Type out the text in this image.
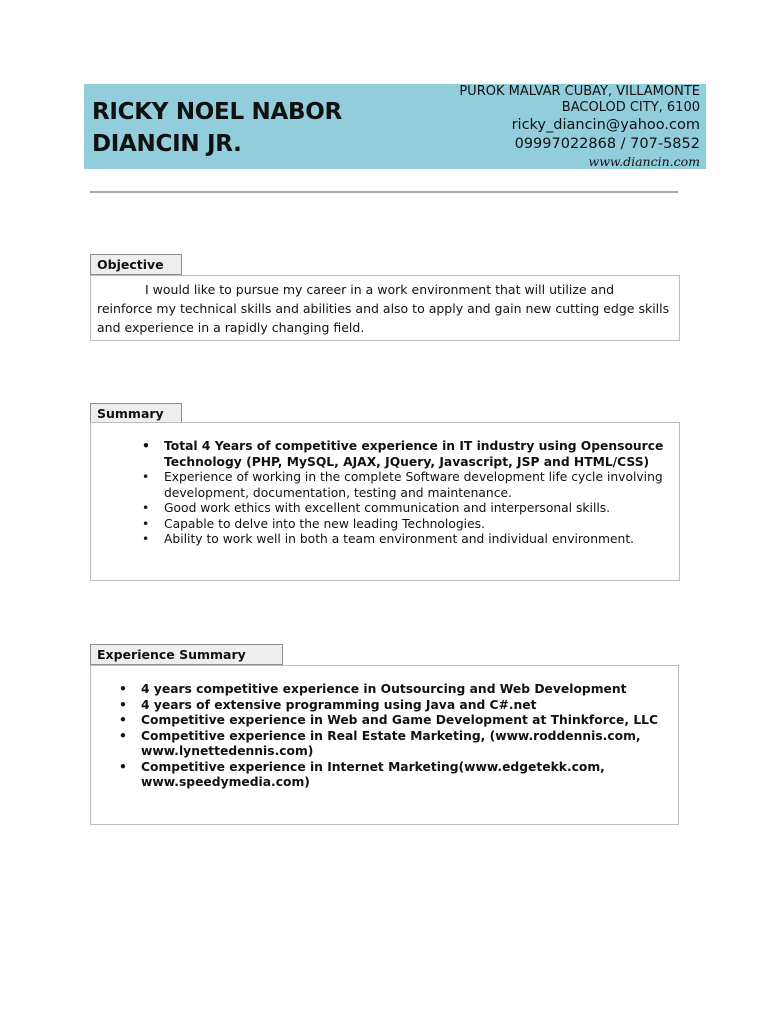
RICKY NOEL NABOR
DIANCIN JR.
PUROK MALVAR CUBAY, VILLAMONTE
BACOLOD CITY, 6100
ricky_diancin@yahoo.com
09997022868 / 707-5852
www.diancin.com
Objective

I would like to pursue my career in a work environment that will utilize and reinforce my technical skills and abilities and also to apply and gain new cutting edge skills and experience in a rapidly changing field.

Summary
• Total 4 Years of competitive experience in IT industry using Opensource Technology (PHP, MySQL, AJAX, JQuery, Javascript, JSP and HTML/CSS)
• Experience of working in the complete Software development life cycle involving development, documentation, testing and maintenance.
• Good work ethics with excellent communication and interpersonal skills.
• Capable to delve into the new leading Technologies.
• Ability to work well in both a team environment and individual environment.
Experience Summary
• 4 years competitive experience in Outsourcing and Web Development
• 4 years of extensive programming using Java and C#.net
• Competitive experience in Web and Game Development at Thinkforce, LLC
• Competitive experience in Real Estate Marketing, (www.roddennis.com, www.lynettedennis.com)
• Competitive experience in Internet Marketing(www.edgetekk.com, www.speedymedia.com)
